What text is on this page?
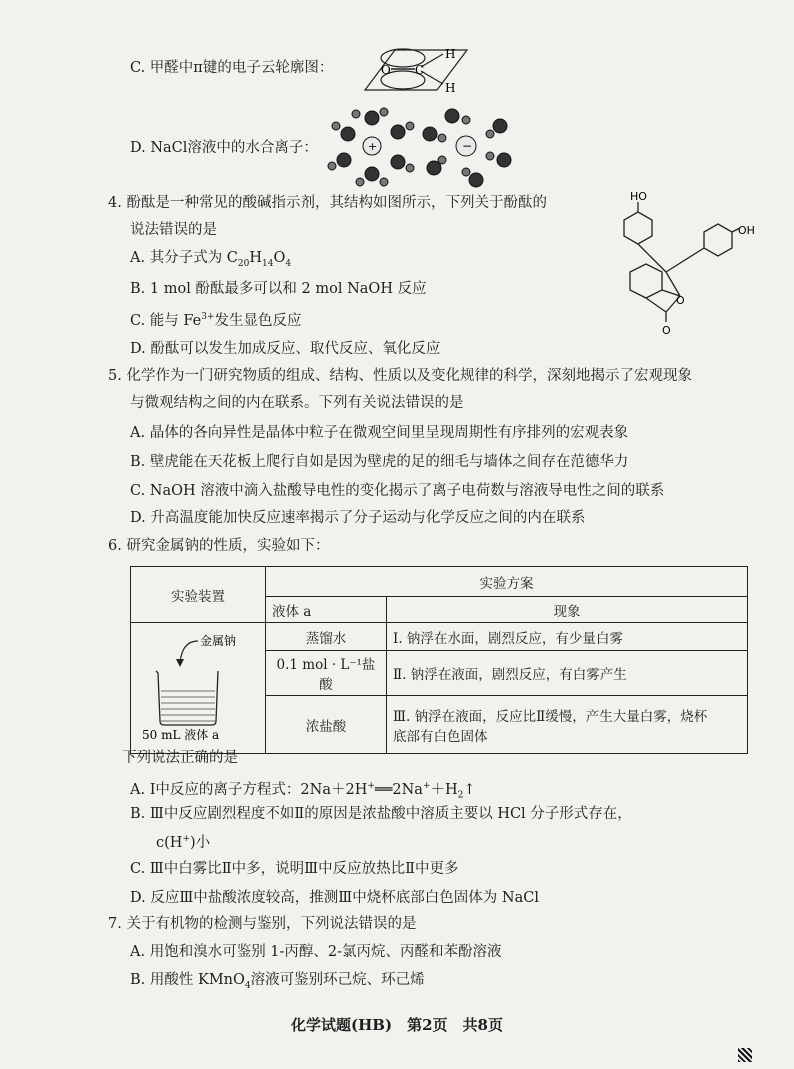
C. 甲醛中π键的电子云轮廓图：	O C
H
H
D. NaCl溶液中的水合离子：	+	−
4. 酚酞是一种常见的酸碱指示剂，其结构如图所示，下列关于酚酞的
说法错误的是
A. 其分子式为 $C_{20}H_{14}O_4$
B. 1 mol 酚酞最多可以和 2 mol NaOH 反应
C. 能与 $Fe^{3+}$发生显色反应
D. 酚酞可以发生加成反应、取代反应、氧化反应
HO
OH
O
O
5. 化学作为一门研究物质的组成、结构、性质以及变化规律的科学，深刻地揭示了宏观现象
与微观结构之间的内在联系。下列有关说法错误的是
A. 晶体的各向异性是晶体中粒子在微观空间里呈现周期性有序排列的宏观表象
B. 壁虎能在天花板上爬行自如是因为壁虎的足的细毛与墙体之间存在范德华力
C. NaOH 溶液中滴入盐酸导电性的变化揭示了离子电荷数与溶液导电性之间的联系
D. 升高温度能加快反应速率揭示了分子运动与化学反应之间的内在联系
6. 研究金属钠的性质，实验如下：
实验装置	实验方案	
	液体 a	现象

金属钠
50 mL 液体 a	蒸馏水	Ⅰ. 钠浮在水面，剧烈反应，有少量白雾
	0.1 mol · L⁻¹盐酸	Ⅱ. 钠浮在液面，剧烈反应，有白雾产生
	浓盐酸	Ⅲ. 钠浮在液面，反应比Ⅱ缓慢，产生大量白雾，烧杯
底部有白色固体
下列说法正确的是
A. Ⅰ中反应的离子方程式：$2Na+2H^+══2Na^++H_2↑$
B. Ⅲ中反应剧烈程度不如Ⅱ的原因是浓盐酸中溶质主要以 HCl 分子形式存在，
c(H+)小
C. Ⅲ中白雾比Ⅱ中多，说明Ⅲ中反应放热比Ⅱ中更多
D. 反应Ⅲ中盐酸浓度较高，推测Ⅲ中烧杯底部白色固体为 NaCl
7. 关于有机物的检测与鉴别，下列说法错误的是
A. 用饱和溴水可鉴别 1-丙醇、2-氯丙烷、丙醛和苯酚溶液
B. 用酸性 KMnO$_4$溶液可鉴别环己烷、环己烯
化学试题(HB)　第2页　共8页
